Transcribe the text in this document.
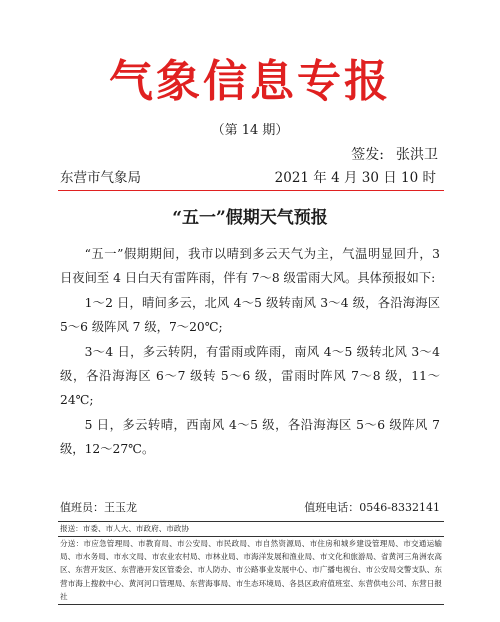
气象信息专报
（第 14 期）
签发: 张洪卫
东营市气象局	2021 年 4 月 30 日 10 时
“五一”假期天气预报

“五一”假期期间，我市以晴到多云天气为主，气温明显回升，3 日夜间至 4 日白天有雷阵雨，伴有 7～8 级雷雨大风。具体预报如下:

1～2 日，晴间多云，北风 4～5 级转南风 3～4 级，各沿海海区 5～6 级阵风 7 级，7～20℃;

3～4 日，多云转阴，有雷雨或阵雨，南风 4～5 级转北风 3～4 级，各沿海海区 6～7 级转 5～6 级，雷雨时阵风 7～8 级，11～24℃;

5 日，多云转晴，西南风 4～5 级，各沿海海区 5～6 级阵风 7 级，12～27℃。

值班员：王玉龙	值班电话：0546-8332141
报送：市委、市人大、市政府、市政协
分送：市应急管理局、市教育局、市公安局、市民政局、市自然资源局、市住房和城乡建设管理局、市交通运输局、市水务局、市水文局、市农业农村局、市林业局、市海洋发展和渔业局、市文化和旅游局、省黄河三角洲农高区、东营开发区、东营港开发区管委会、市人防办、市公路事业发展中心、市广播电视台、市公安局交警支队、东营市海上搜救中心、黄河河口管理局、东营海事局、市生态环境局、各县区政府值班室、东营供电公司、东营日报社
